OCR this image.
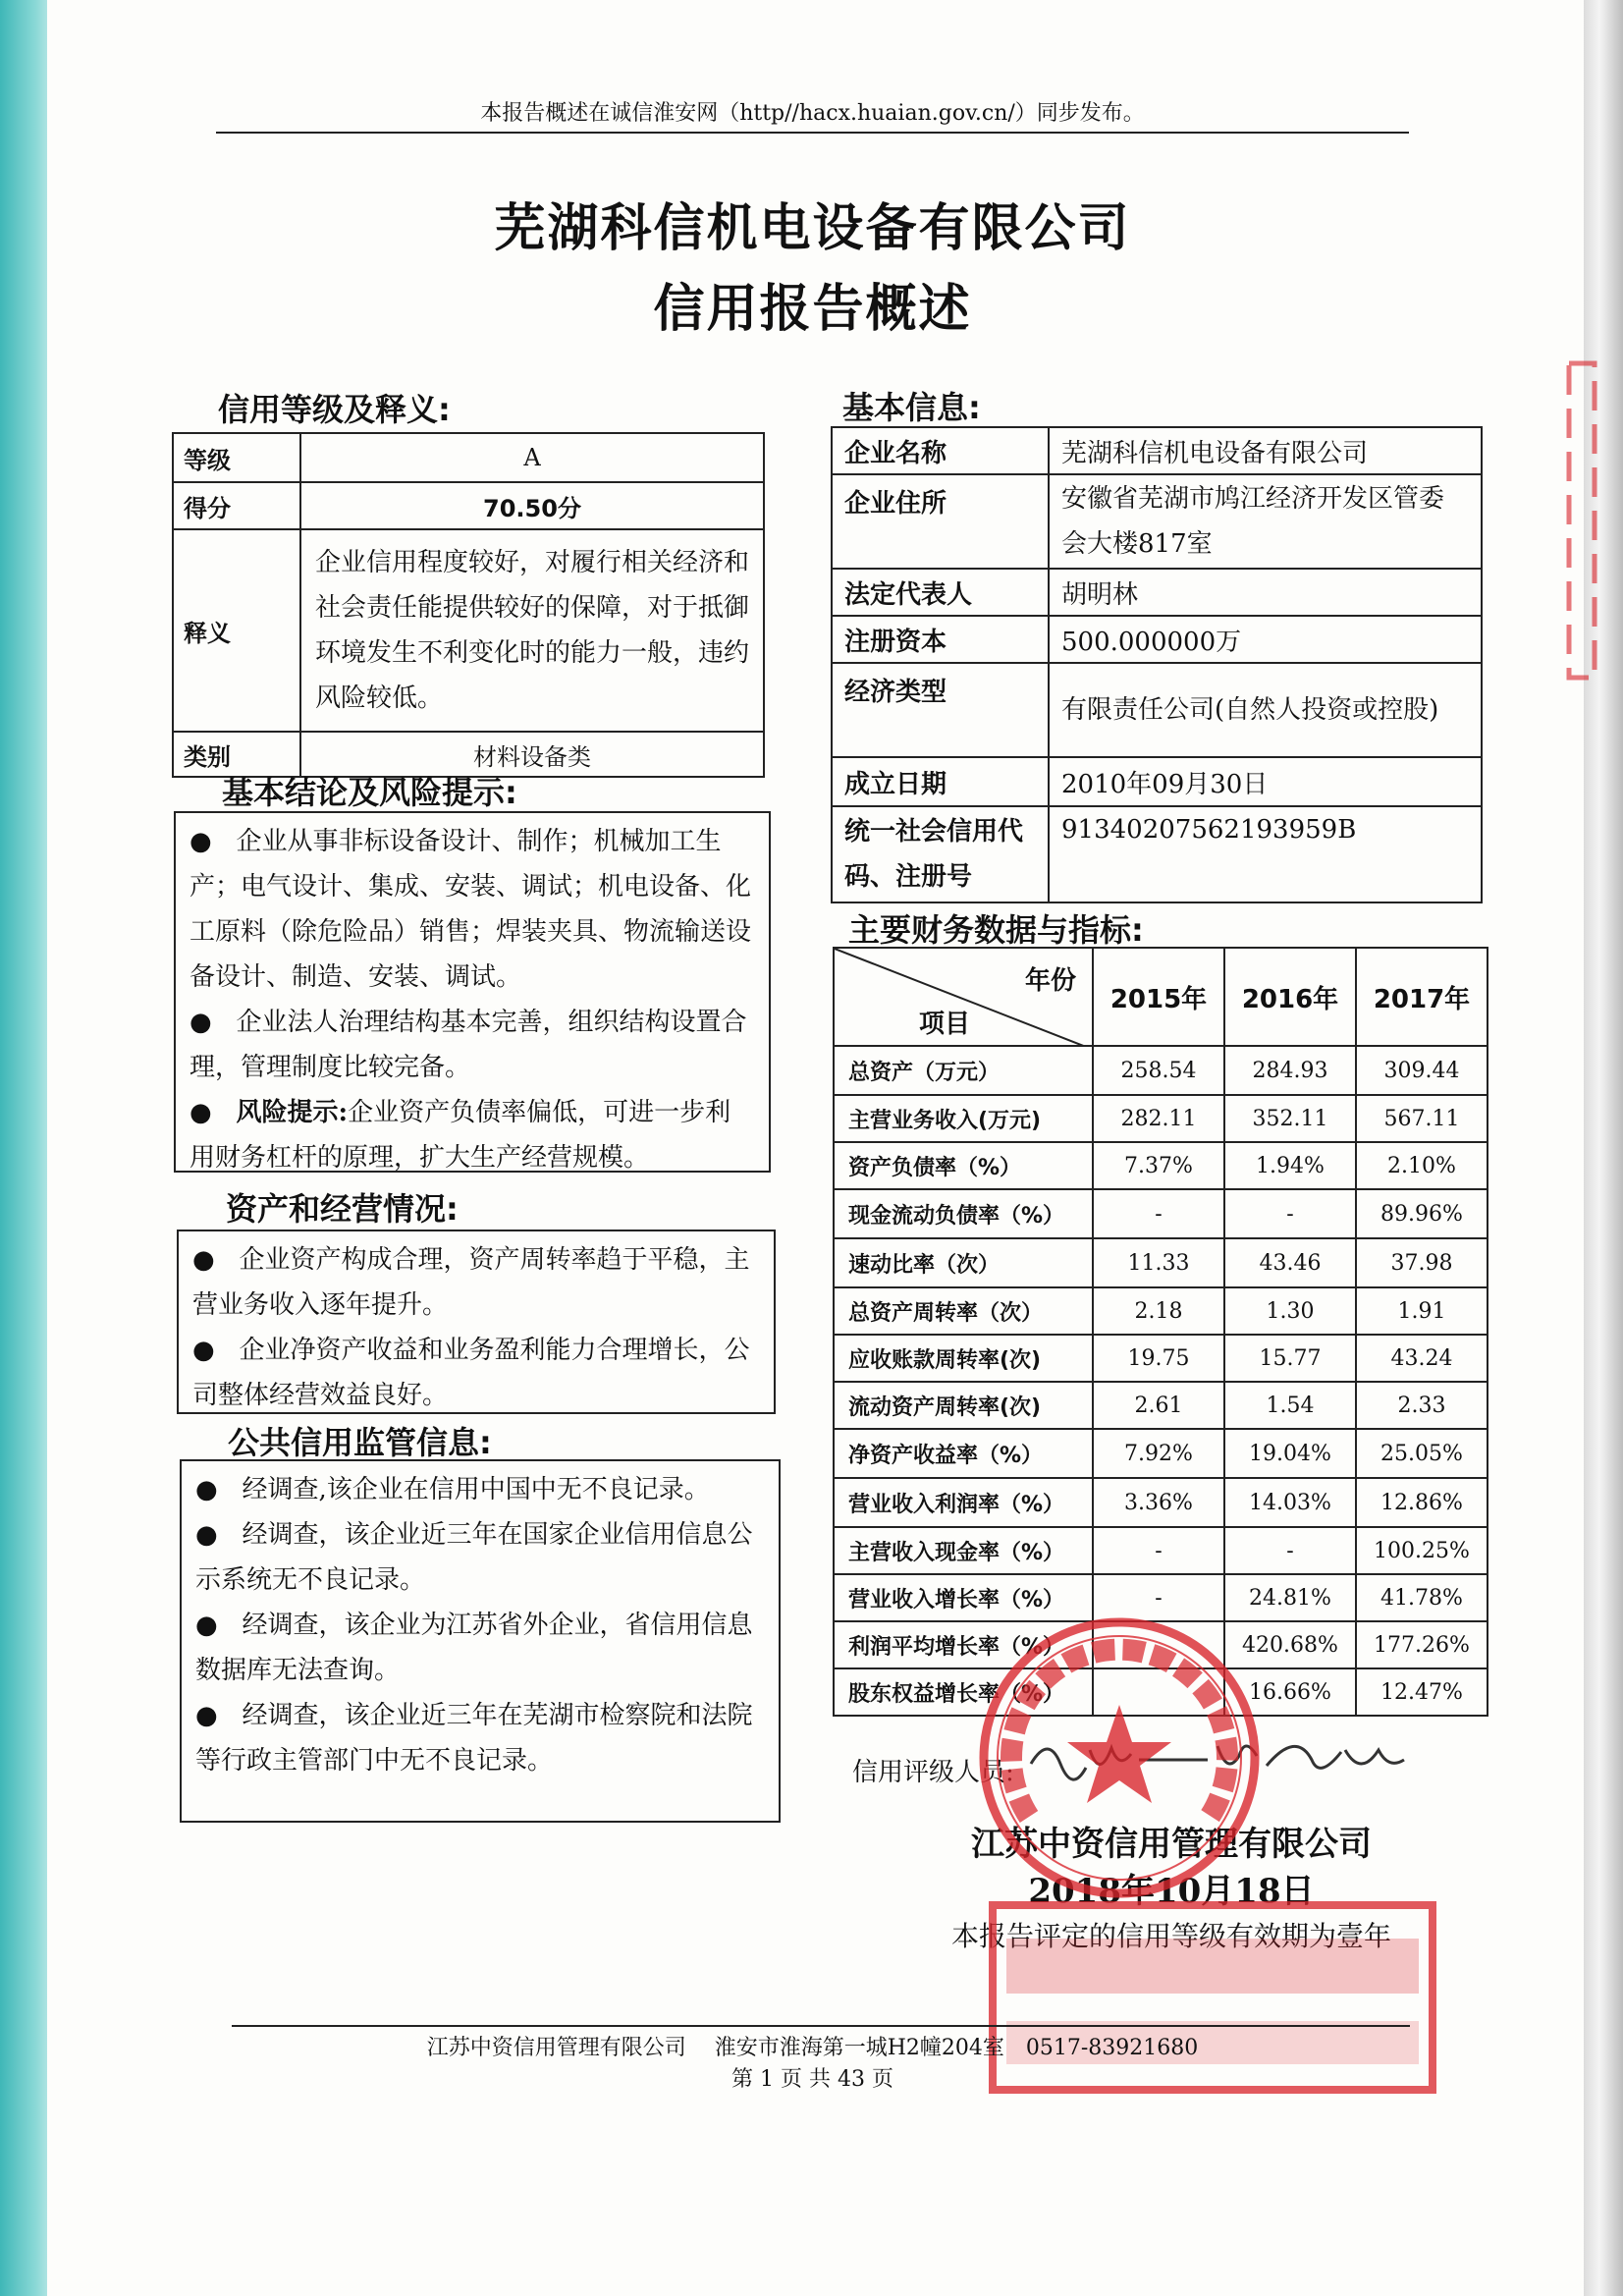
本报告概述在诚信淮安网（http//hacx.huaian.gov.cn/）同步发布。
芜湖科信机电设备有限公司
信用报告概述
信用等级及释义:
等级	A
得分	70.50分
释义	企业信用程度较好，对履行相关经济和社会责任能提供较好的保障，对于抵御环境发生不利变化时的能力一般，违约风险较低。
类别	材料设备类
基本结论及风险提示:

● 企业从事非标设备设计、制作；机械加工生产；电气设计、集成、安装、调试；机电设备、化工原料（除危险品）销售；焊装夹具、物流输送设备设计、制造、安装、调试。

● 企业法人治理结构基本完善，组织结构设置合理，管理制度比较完备。

● 风险提示:企业资产负债率偏低，可进一步利用财务杠杆的原理，扩大生产经营规模。

资产和经营情况:

● 企业资产构成合理，资产周转率趋于平稳，主营业务收入逐年提升。

● 企业净资产收益和业务盈利能力合理增长，公司整体经营效益良好。

公共信用监管信息:

● 经调查,该企业在信用中国中无不良记录。

● 经调查，该企业近三年在国家企业信用信息公示系统无不良记录。

● 经调查，该企业为江苏省外企业，省信用信息数据库无法查询。

● 经调查，该企业近三年在芜湖市检察院和法院等行政主管部门中无不良记录。

基本信息:
企业名称	芜湖科信机电设备有限公司
企业住所	安徽省芜湖市鸠江经济开发区管委会大楼817室
法定代表人	胡明林
注册资本	500.000000万
经济类型	有限责任公司(自然人投资或控股)
成立日期	2010年09月30日
统一社会信用代码、注册号	91340207562193959B
主要财务数据与指标:
年份
项目	2015年	2016年	2017年
总资产（万元）	258.54	284.93	309.44
主营业务收入(万元)	282.11	352.11	567.11
资产负债率（%）	7.37%	1.94%	2.10%
现金流动负债率（%）	-	-	89.96%
速动比率（次）	11.33	43.46	37.98
总资产周转率（次）	2.18	1.30	1.91
应收账款周转率(次)	19.75	15.77	43.24
流动资产周转率(次)	2.61	1.54	2.33
净资产收益率（%）	7.92%	19.04%	25.05%
营业收入利润率（%）	3.36%	14.03%	12.86%
主营收入现金率（%）	-	-	100.25%
营业收入增长率（%）	-	24.81%	41.78%
利润平均增长率（%）		420.68%	177.26%
股东权益增长率（%）		16.66%	12.47%
信用评级人员:
江苏中资信用管理有限公司
2018年10月18日
本报告评定的信用等级有效期为壹年
江苏中资信用管理有限公司　 淮安市淮海第一城H2幢204室　0517-83921680
第 1 页 共 43 页
